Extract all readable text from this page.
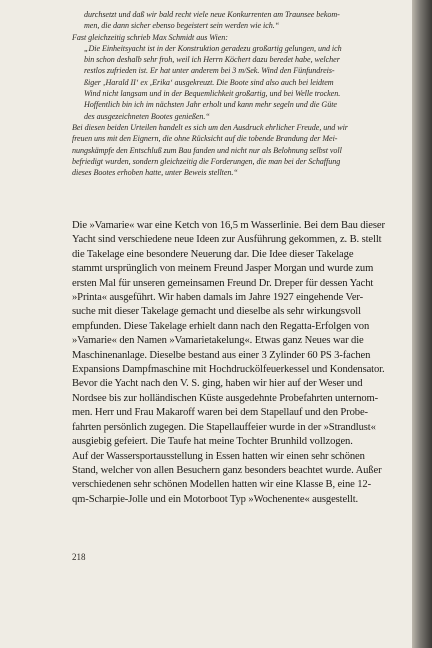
durchsetzt und daß wir bald recht viele neue Konkurrenten am Traunsee bekom-
men, die dann sicher ebenso begeistert sein werden wie ich.“
Fast gleichzeitig schrieb Max Schmidt aus Wien:
„Die Einheitsyacht ist in der Konstruktion geradezu großartig gelungen, und ich
bin schon deshalb sehr froh, weil ich Herrn Köchert dazu beredet habe, welcher
restlos zufrieden ist. Er hat unter anderem bei 3 m/Sek. Wind den Fünfundreis-
ßiger ‚Harald II‘ ex ‚Erika‘ ausgekreuzt. Die Boote sind also auch bei leidtem
Wind nicht langsam und in der Bequemlichkeit großartig, und bei Welle trocken.
Hoffentlich bin ich im nächsten Jahr erholt und kann mehr segeln und die Güte
des ausgezeichneten Bootes genießen.“
Bei diesen beiden Urteilen handelt es sich um den Ausdruck ehrlicher Freude, und wir
freuen uns mit den Eignern, die ohne Rücksicht auf die tobende Brandung der Mei-
nungskämpfe den Entschluß zum Bau fanden und nicht nur als Belohnung selbst voll
befriedigt wurden, sondern gleichzeitig die Forderungen, die man bei der Schaffung
dieses Bootes erhoben hatte, unter Beweis stellten.“
Die »Vamarie« war eine Ketch von 16,5 m Wasserlinie. Bei dem Bau dieser
Yacht sind verschiedene neue Ideen zur Ausführung gekommen, z. B. stellt
die Takelage eine besondere Neuerung dar. Die Idee dieser Takelage
stammt ursprünglich von meinem Freund Jasper Morgan und wurde zum
ersten Mal für unseren gemeinsamen Freund Dr. Dreper für dessen Yacht
»Printa« ausgeführt. Wir haben damals im Jahre 1927 eingehende Ver-
suche mit dieser Takelage gemacht und dieselbe als sehr wirkungsvoll
empfunden. Diese Takelage erhielt dann nach den Regatta-Erfolgen von
»Vamarie« den Namen »Vamarietakelung«. Etwas ganz Neues war die
Maschinenanlage. Dieselbe bestand aus einer 3 Zylinder 60 PS 3-fachen
Expansions Dampfmaschine mit Hochdruckölfeuerkessel und Kondensator.
Bevor die Yacht nach den V. S. ging, haben wir hier auf der Weser und
Nordsee bis zur holländischen Küste ausgedehnte Probefahrten unternom-
men. Herr und Frau Makaroff waren bei dem Stapellauf und den Probe-
fahrten persönlich zugegen. Die Stapellauffeier wurde in der »Strandlust«
ausgiebig gefeiert. Die Taufe hat meine Tochter Brunhild vollzogen.
Auf der Wassersportausstellung in Essen hatten wir einen sehr schönen
Stand, welcher von allen Besuchern ganz besonders beachtet wurde. Außer
verschiedenen sehr schönen Modellen hatten wir eine Klasse B, eine 12-
qm-Scharpie-Jolle und ein Motorboot Typ »Wochenente« ausgestellt.
218
